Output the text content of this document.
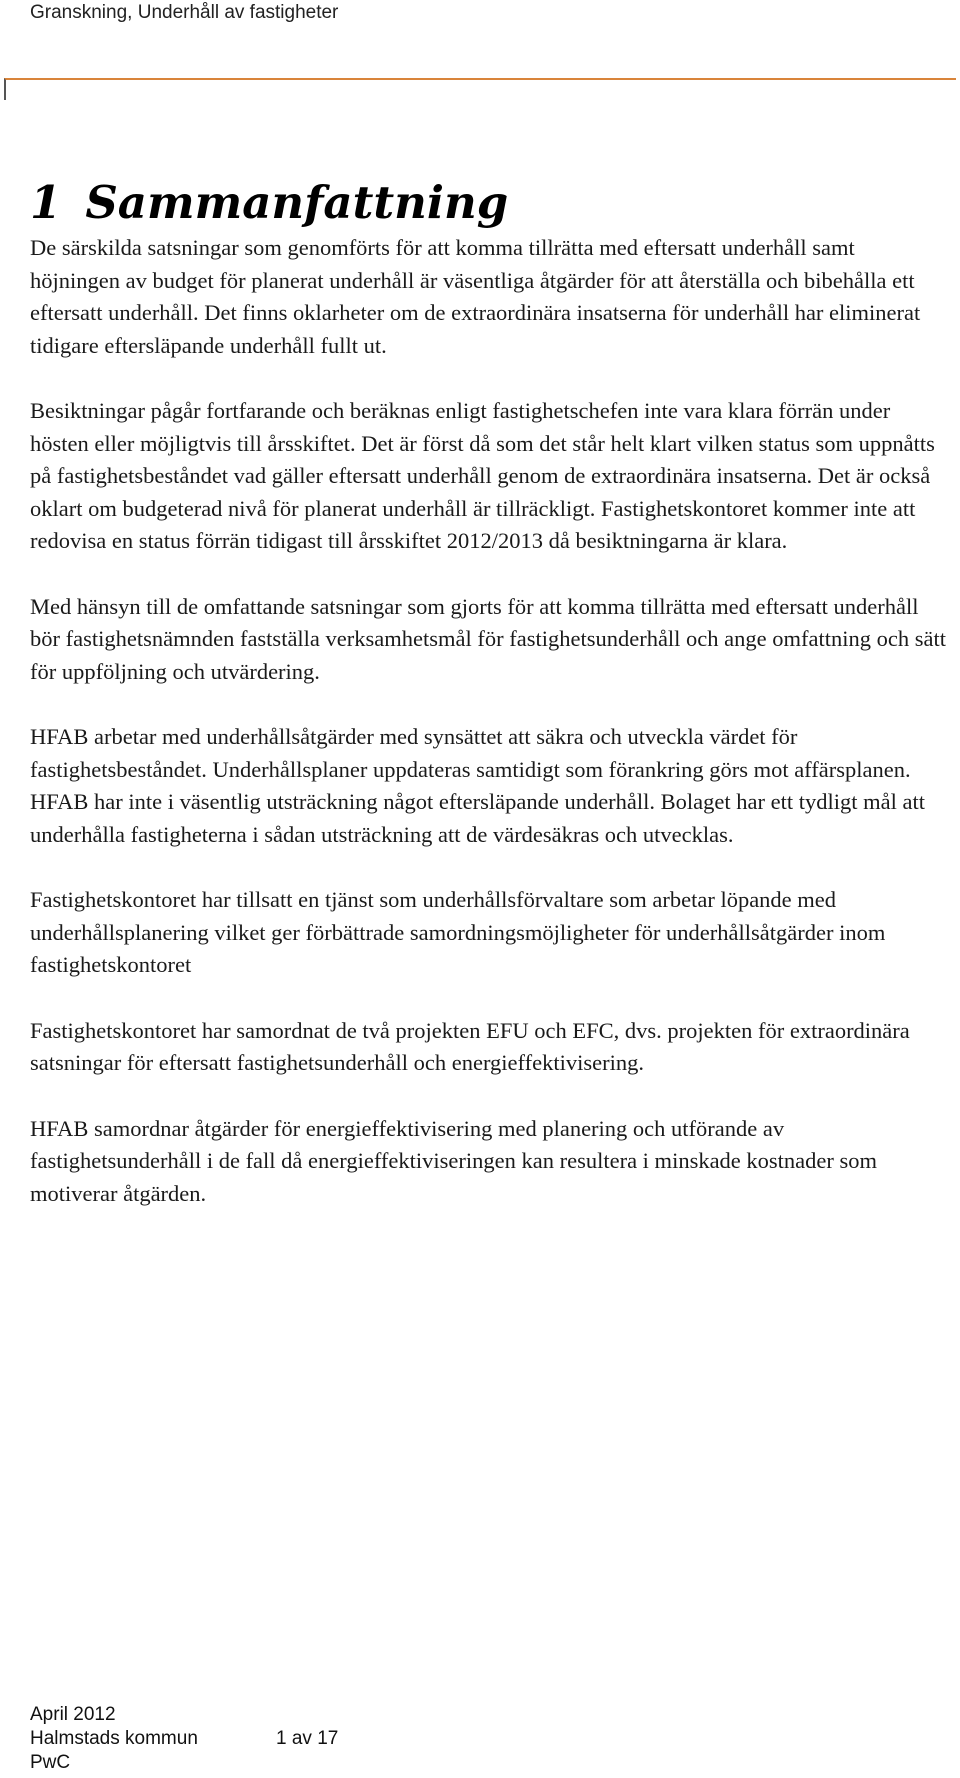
Granskning, Underhåll av fastigheter
1 Sammanfattning

De särskilda satsningar som genomförts för att komma tillrätta med eftersatt underhåll samt höjningen av budget för planerat underhåll är väsentliga åtgärder för att återställa och bibehålla ett eftersatt underhåll. Det finns oklarheter om de extraordinära insatserna för underhåll har eliminerat tidigare eftersläpande underhåll fullt ut.

Besiktningar pågår fortfarande och beräknas enligt fastighetschefen inte vara klara förrän under hösten eller möjligtvis till årsskiftet. Det är först då som det står helt klart vilken status som uppnåtts på fastighetsbeståndet vad gäller eftersatt underhåll genom de extraordinära insatserna. Det är också oklart om budgeterad nivå för planerat underhåll är tillräckligt. Fastighetskontoret kommer inte att redovisa en status förrän tidigast till årsskiftet 2012/2013 då besiktningarna är klara.

Med hänsyn till de omfattande satsningar som gjorts för att komma tillrätta med eftersatt underhåll bör fastighetsnämnden fastställa verksamhetsmål för fastighetsunderhåll och ange omfattning och sätt för uppföljning och utvärdering.

HFAB arbetar med underhållsåtgärder med synsättet att säkra och utveckla värdet för fastighetsbeståndet. Underhållsplaner uppdateras samtidigt som förankring görs mot affärsplanen. HFAB har inte i väsentlig utsträckning något eftersläpande underhåll. Bolaget har ett tydligt mål att underhålla fastigheterna i sådan utsträckning att de värdesäkras och utvecklas.

Fastighetskontoret har tillsatt en tjänst som underhållsförvaltare som arbetar löpande med underhållsplanering vilket ger förbättrade samordningsmöjligheter för underhållsåtgärder inom fastighetskontoret

Fastighetskontoret har samordnat de två projekten EFU och EFC, dvs. projekten för extraordinära satsningar för eftersatt fastighetsunderhåll och energieffektivisering.

HFAB samordnar åtgärder för energieffektivisering med planering och utförande av fastighetsunderhåll i de fall då energieffektiviseringen kan resultera i minskade kostnader som motiverar åtgärden.

April 2012
Halmstads kommun	1 av 17
PwC
